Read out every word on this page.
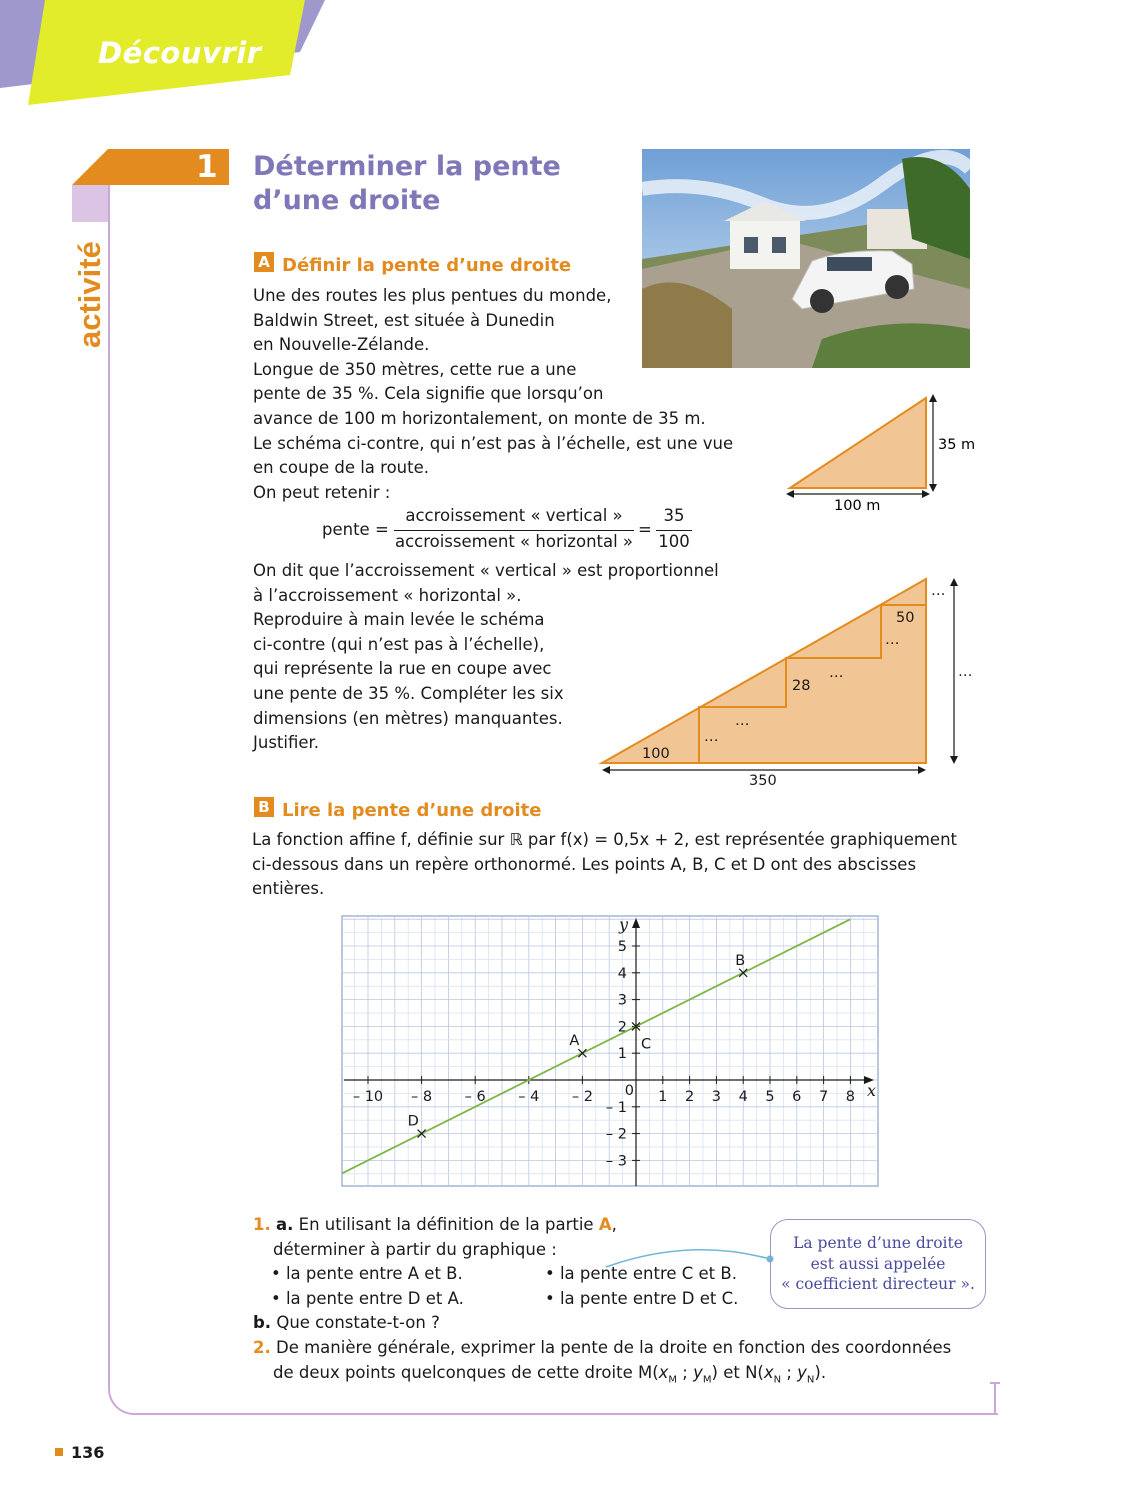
Découvrir
activité
1 Déterminer la pente
d’une droite
A Définir la pente d’une droite
Une des routes les plus pentues du monde,
Baldwin Street, est située à Dunedin
en Nouvelle-Zélande.
Longue de 350 mètres, cette rue a une
pente de 35 %. Cela signifie que lorsqu’on
avance de 100 m horizontalement, on monte de 35 m.
Le schéma ci-contre, qui n’est pas à l’échelle, est une vue
en coupe de la route.
On peut retenir :
pente =
accroissement « vertical »
accroissement « horizontal »
=
35
100
On dit que l’accroissement « vertical » est proportionnel
à l’accroissement « horizontal ».
Reproduire à main levée le schéma
ci-contre (qui n’est pas à l’échelle),
qui représente la rue en coupe avec
une pente de 35 %. Compléter les six
dimensions (en mètres) manquantes.
Justifier.
35 m
100 m
350
100
…
…
28
…
…
50
…
…
B Lire la pente d’une droite
La fonction affine f, définie sur ℝ par f(x) = 0,5x + 2, est représentée graphiquement
ci-dessous dans un repère orthonormé. Les points A, B, C et D ont des abscisses
entières.
– 10 – 8 – 6 – 4 – 2 0 1 2 3 4 5 6 7 8
5
4
3
2
1
– 1
– 2
– 3
x
y
A
B
C
D
1. a. En utilisant la définition de la partie A,
déterminer à partir du graphique :
• la pente entre A et B.	• la pente entre C et B.
• la pente entre D et A.	• la pente entre D et C.
b. Que constate-t-on ?
2. De manière générale, exprimer la pente de la droite en fonction des coordonnées
de deux points quelconques de cette droite $M(x_M$ ; $y_M$) et $N(x_N$ ; $y_N$).
La pente d’une droite
est aussi appelée
« coefficient directeur ».
136
